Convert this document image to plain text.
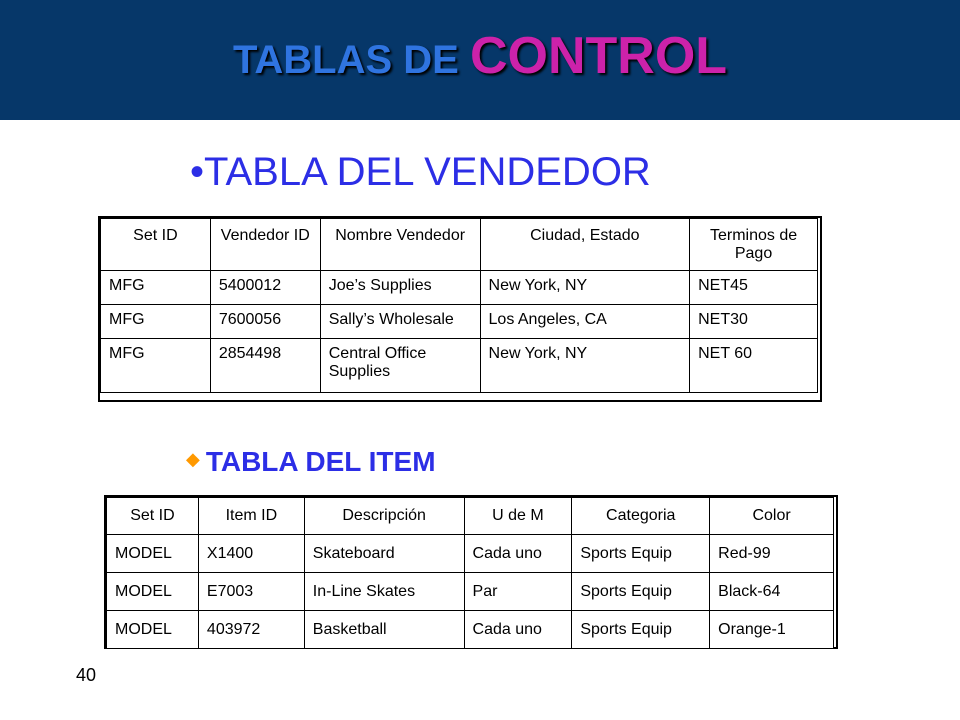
TABLAS DE CONTROL
•TABLA DEL VENDEDOR
Set ID	Vendedor ID	Nombre Vendedor	Ciudad, Estado	Terminos de Pago
MFG	5400012	Joe’s Supplies	New York, NY	NET45
MFG	7600056	Sally’s Wholesale	Los Angeles, CA	NET30
MFG	2854498	Central Office Supplies	New York, NY	NET 60
◆ TABLA DEL ITEM
Set ID	Item ID	Descripción	U de M	Categoria	Color
MODEL	X1400	Skateboard	Cada uno	Sports Equip	Red-99
MODEL	E7003	In-Line Skates	Par	Sports Equip	Black-64
MODEL	403972	Basketball	Cada uno	Sports Equip	Orange-1
40
